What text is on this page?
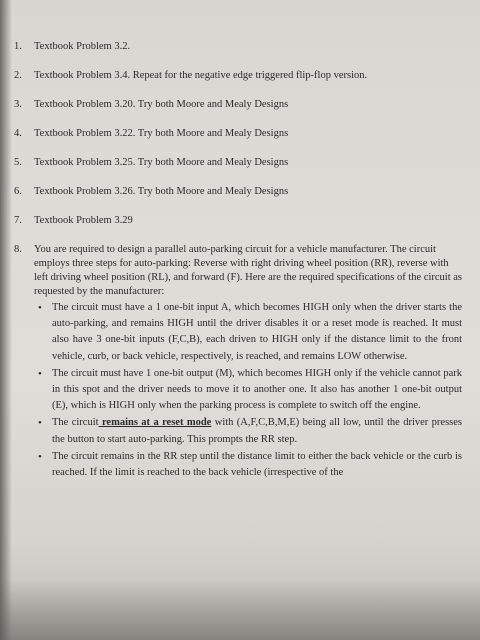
1.	Textbook Problem 3.2.
2.	Textbook Problem 3.4. Repeat for the negative edge triggered flip-flop version.
3.	Textbook Problem 3.20. Try both Moore and Mealy Designs
4.	Textbook Problem 3.22. Try both Moore and Mealy Designs
5.	Textbook Problem 3.25. Try both Moore and Mealy Designs
6.	Textbook Problem 3.26. Try both Moore and Mealy Designs
7.	Textbook Problem 3.29
8.	You are required to design a parallel auto-parking circuit for a vehicle manufacturer. The circuit employs three steps for auto-parking: Reverse with right driving wheel position (RR), reverse with left driving wheel position (RL), and forward (F). Here are the required specifications of the circuit as requested by the manufacturer:
• The circuit must have a 1 one-bit input A, which becomes HIGH only when the driver starts the auto-parking, and remains HIGH until the driver disables it or a reset mode is reached. It must also have 3 one-bit inputs (F,C,B), each driven to HIGH only if the distance limit to the front vehicle, curb, or back vehicle, respectively, is reached, and remains LOW otherwise.
• The circuit must have 1 one-bit output (M), which becomes HIGH only if the vehicle cannot park in this spot and the driver needs to move it to another one. It also has another 1 one-bit output (E), which is HIGH only when the parking process is complete to switch off the engine.
• The circuit remains at a reset mode with (A,F,C,B,M,E) being all low, until the driver presses the button to start auto-parking. This prompts the RR step.
• The circuit remains in the RR step until the distance limit to either the back vehicle or the curb is reached. If the limit is reached to the back vehicle (irrespective of the
